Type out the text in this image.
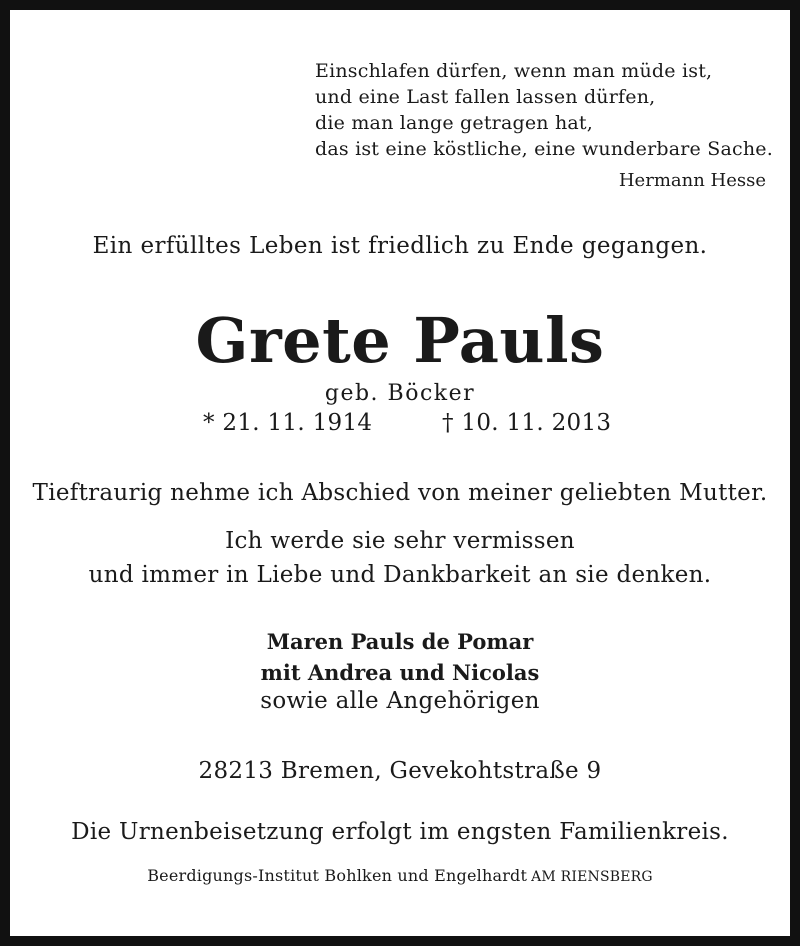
Einschlafen dürfen, wenn man müde ist,
und eine Last fallen lassen dürfen,
die man lange getragen hat,
das ist eine köstliche, eine wunderbare Sache.
Hermann Hesse
Ein erfülltes Leben ist friedlich zu Ende gegangen.
Grete Pauls
geb. Böcker
* 21. 11. 1914	† 10. 11. 2013
Tieftraurig nehme ich Abschied von meiner geliebten Mutter.
Ich werde sie sehr vermissen
und immer in Liebe und Dankbarkeit an sie denken.
Maren Pauls de Pomar
mit Andrea und Nicolas
sowie alle Angehörigen
28213 Bremen, Gevekohtstraße 9
Die Urnenbeisetzung erfolgt im engsten Familienkreis.
Beerdigungs-Institut Bohlken und Engelhardt AM RIENSBERG
